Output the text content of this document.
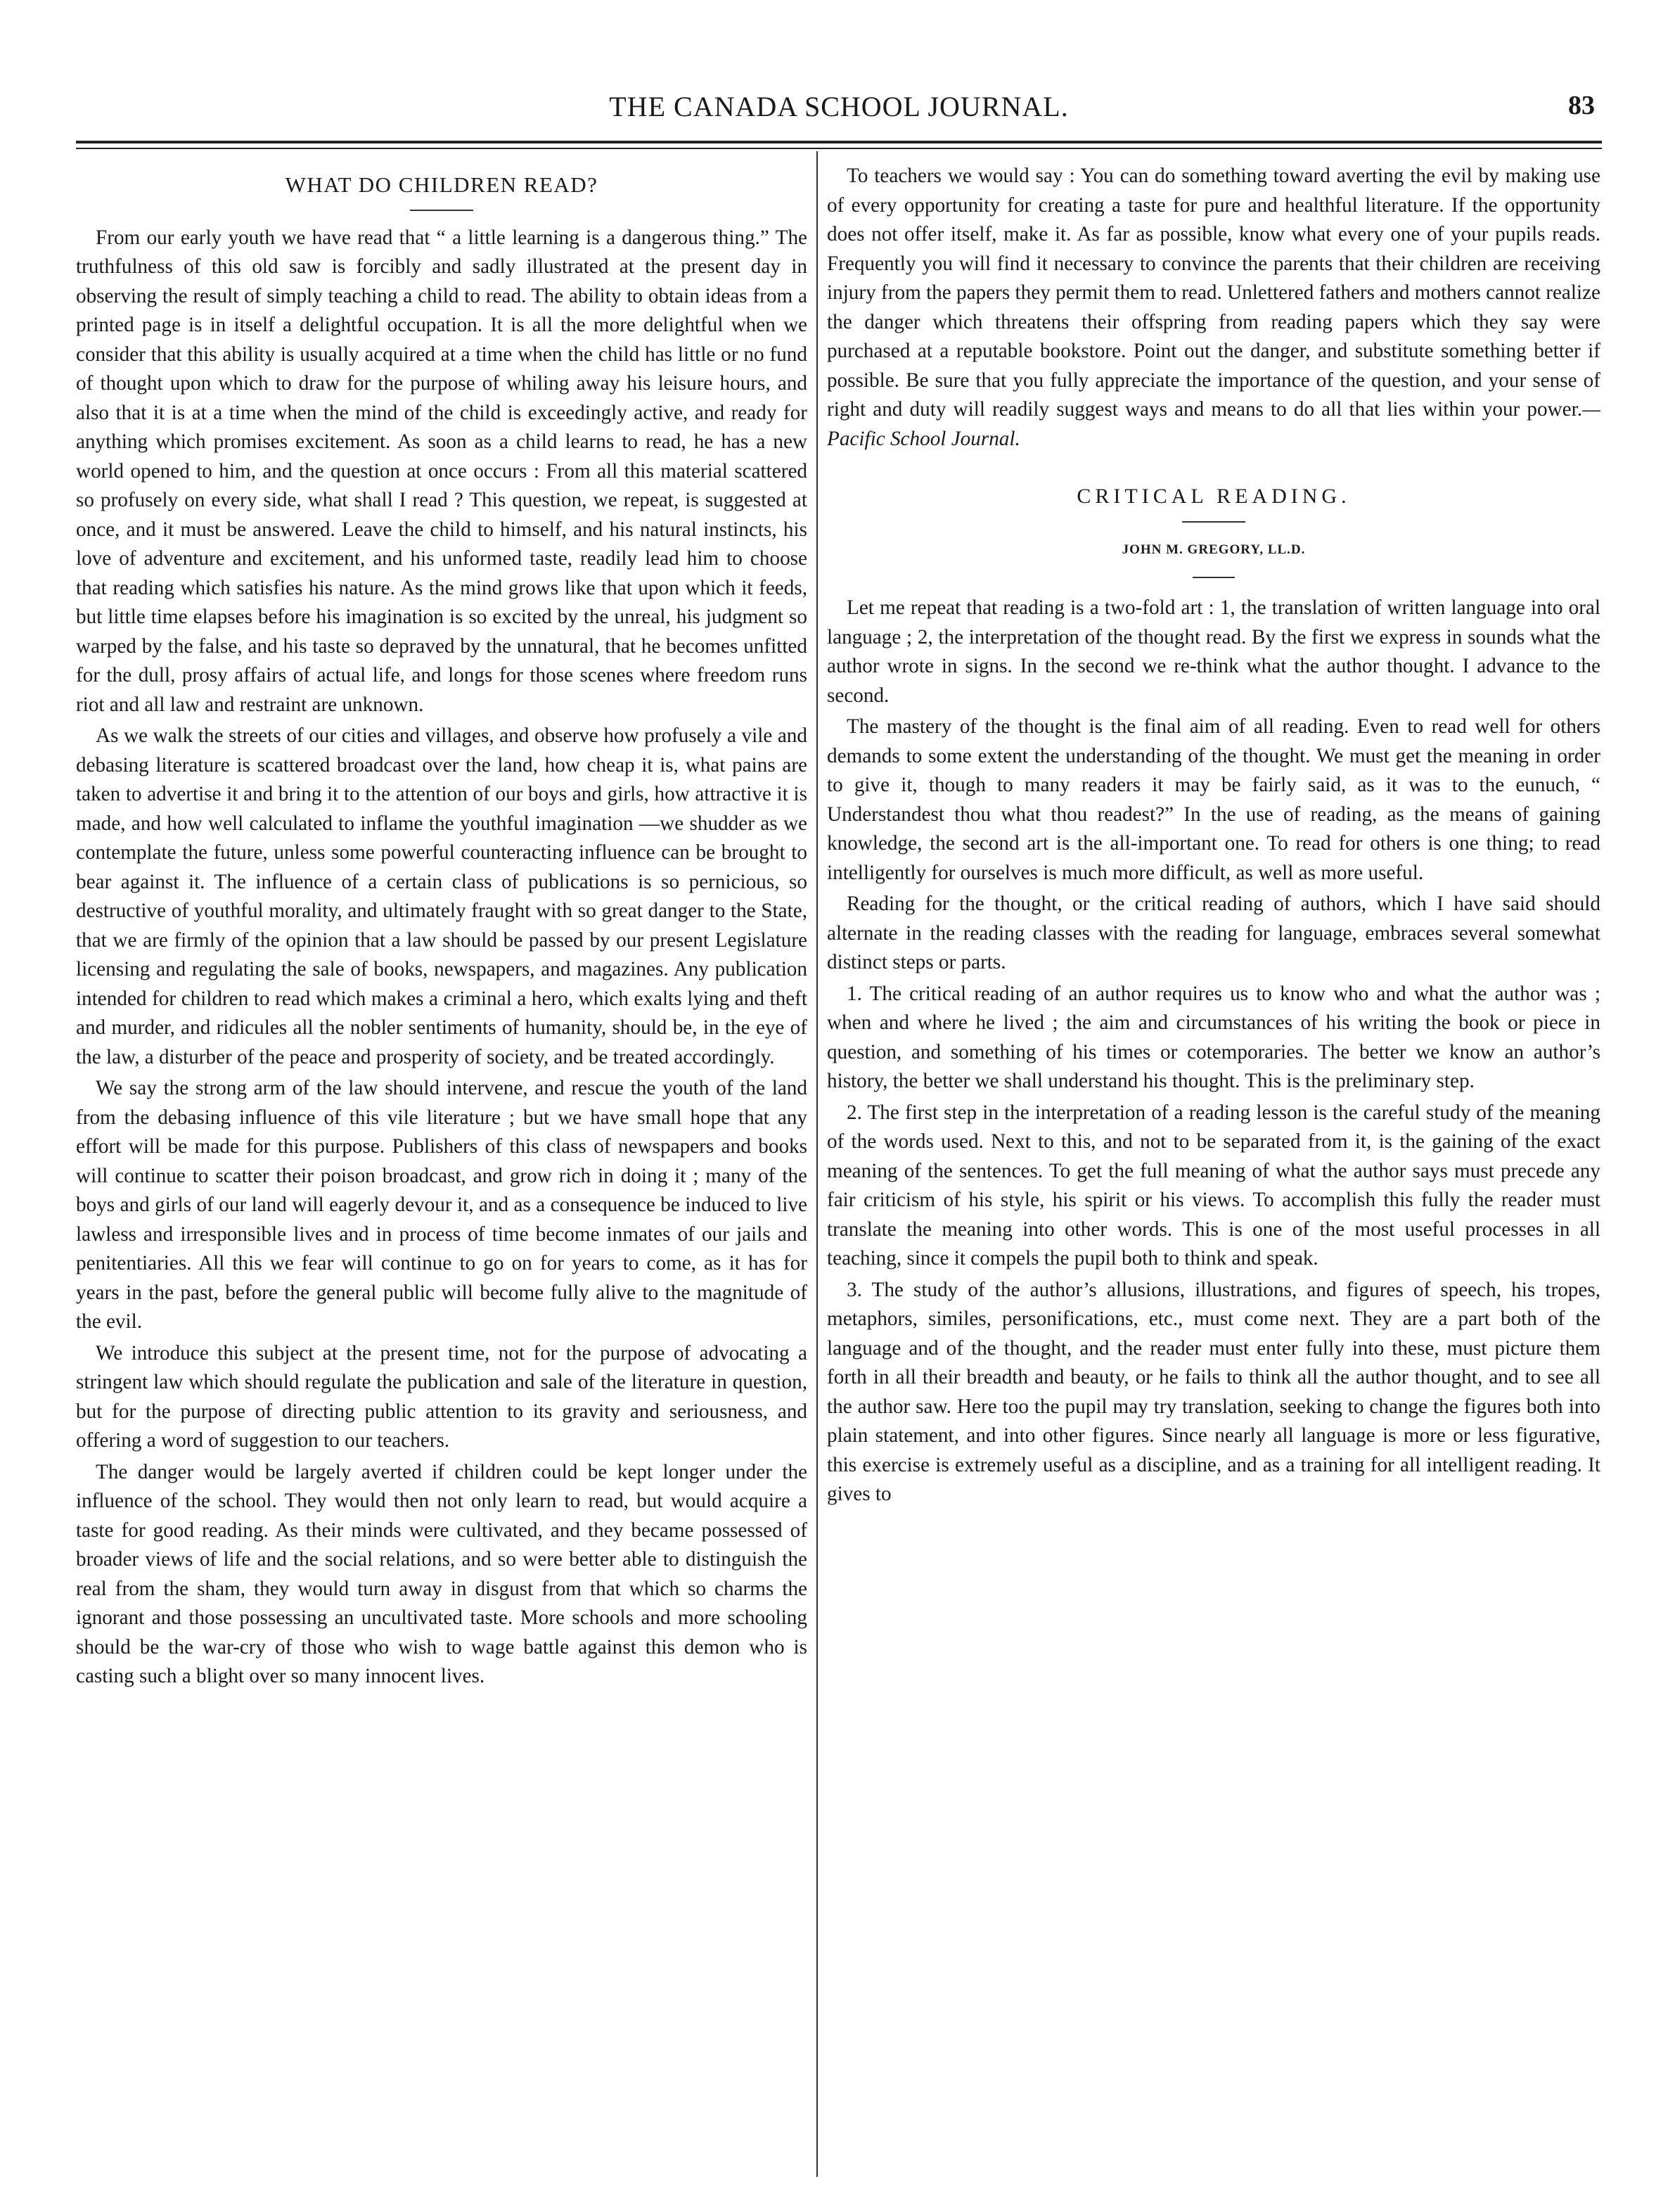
THE CANADA SCHOOL JOURNAL.	83
WHAT DO CHILDREN READ?

From our early youth we have read that “ a little learning is a dangerous thing.” The truthfulness of this old saw is forcibly and sadly illustrated at the present day in observing the result of simply teaching a child to read. The ability to obtain ideas from a printed page is in itself a delightful occupation. It is all the more delightful when we consider that this ability is usually acquired at a time when the child has little or no fund of thought upon which to draw for the purpose of whiling away his leisure hours, and also that it is at a time when the mind of the child is exceedingly active, and ready for anything which promises excitement. As soon as a child learns to read, he has a new world opened to him, and the question at once occurs : From all this material scattered so profusely on every side, what shall I read ? This question, we repeat, is suggested at once, and it must be answered. Leave the child to himself, and his natural instincts, his love of adventure and excitement, and his unformed taste, readily lead him to choose that reading which satisfies his nature. As the mind grows like that upon which it feeds, but little time elapses before his imagination is so excited by the unreal, his judgment so warped by the false, and his taste so depraved by the unnatural, that he becomes unfitted for the dull, prosy affairs of actual life, and longs for those scenes where freedom runs riot and all law and restraint are unknown.

As we walk the streets of our cities and villages, and observe how profusely a vile and debasing literature is scattered broadcast over the land, how cheap it is, what pains are taken to advertise it and bring it to the attention of our boys and girls, how attractive it is made, and how well calculated to inflame the youthful imagination —we shudder as we contemplate the future, unless some powerful counteracting influence can be brought to bear against it. The influence of a certain class of publications is so pernicious, so destructive of youthful morality, and ultimately fraught with so great danger to the State, that we are firmly of the opinion that a law should be passed by our present Legislature licensing and regulating the sale of books, newspapers, and magazines. Any publication intended for children to read which makes a criminal a hero, which exalts lying and theft and murder, and ridicules all the nobler sentiments of humanity, should be, in the eye of the law, a disturber of the peace and prosperity of society, and be treated accordingly.

We say the strong arm of the law should intervene, and rescue the youth of the land from the debasing influence of this vile literature ; but we have small hope that any effort will be made for this purpose. Publishers of this class of newspapers and books will continue to scatter their poison broadcast, and grow rich in doing it ; many of the boys and girls of our land will eagerly devour it, and as a consequence be induced to live lawless and irresponsible lives and in process of time become inmates of our jails and penitentiaries. All this we fear will continue to go on for years to come, as it has for years in the past, before the general public will become fully alive to the magnitude of the evil.

We introduce this subject at the present time, not for the purpose of advocating a stringent law which should regulate the publication and sale of the literature in question, but for the purpose of directing public attention to its gravity and seriousness, and offering a word of suggestion to our teachers.

The danger would be largely averted if children could be kept longer under the influence of the school. They would then not only learn to read, but would acquire a taste for good reading. As their minds were cultivated, and they became possessed of broader views of life and the social relations, and so were better able to distinguish the real from the sham, they would turn away in disgust from that which so charms the ignorant and those possessing an uncultivated taste. More schools and more schooling should be the war-cry of those who wish to wage battle against this demon who is casting such a blight over so many innocent lives.

To teachers we would say : You can do something toward averting the evil by making use of every opportunity for creating a taste for pure and healthful literature. If the opportunity does not offer itself, make it. As far as possible, know what every one of your pupils reads. Frequently you will find it necessary to convince the parents that their children are receiving injury from the papers they permit them to read. Unlettered fathers and mothers cannot realize the danger which threatens their offspring from reading papers which they say were purchased at a reputable bookstore. Point out the danger, and substitute something better if possible. Be sure that you fully appreciate the importance of the question, and your sense of right and duty will readily suggest ways and means to do all that lies within your power.—Pacific School Journal.

CRITICAL READING.
JOHN M. GREGORY, LL.D.

Let me repeat that reading is a two-fold art : 1, the translation of written language into oral language ; 2, the interpretation of the thought read. By the first we express in sounds what the author wrote in signs. In the second we re-think what the author thought. I advance to the second.

The mastery of the thought is the final aim of all reading. Even to read well for others demands to some extent the understanding of the thought. We must get the meaning in order to give it, though to many readers it may be fairly said, as it was to the eunuch, “ Understandest thou what thou readest?” In the use of reading, as the means of gaining knowledge, the second art is the all-important one. To read for others is one thing; to read intelligently for ourselves is much more difficult, as well as more useful.

Reading for the thought, or the critical reading of authors, which I have said should alternate in the reading classes with the reading for language, embraces several somewhat distinct steps or parts.

1. The critical reading of an author requires us to know who and what the author was ; when and where he lived ; the aim and circumstances of his writing the book or piece in question, and something of his times or cotemporaries. The better we know an author’s history, the better we shall understand his thought. This is the preliminary step.

2. The first step in the interpretation of a reading lesson is the careful study of the meaning of the words used. Next to this, and not to be separated from it, is the gaining of the exact meaning of the sentences. To get the full meaning of what the author says must precede any fair criticism of his style, his spirit or his views. To accomplish this fully the reader must translate the meaning into other words. This is one of the most useful processes in all teaching, since it compels the pupil both to think and speak.

3. The study of the author’s allusions, illustrations, and figures of speech, his tropes, metaphors, similes, personifications, etc., must come next. They are a part both of the language and of the thought, and the reader must enter fully into these, must picture them forth in all their breadth and beauty, or he fails to think all the author thought, and to see all the author saw. Here too the pupil may try translation, seeking to change the figures both into plain statement, and into other figures. Since nearly all language is more or less figurative, this exercise is extremely useful as a discipline, and as a training for all intelligent reading. It gives to
